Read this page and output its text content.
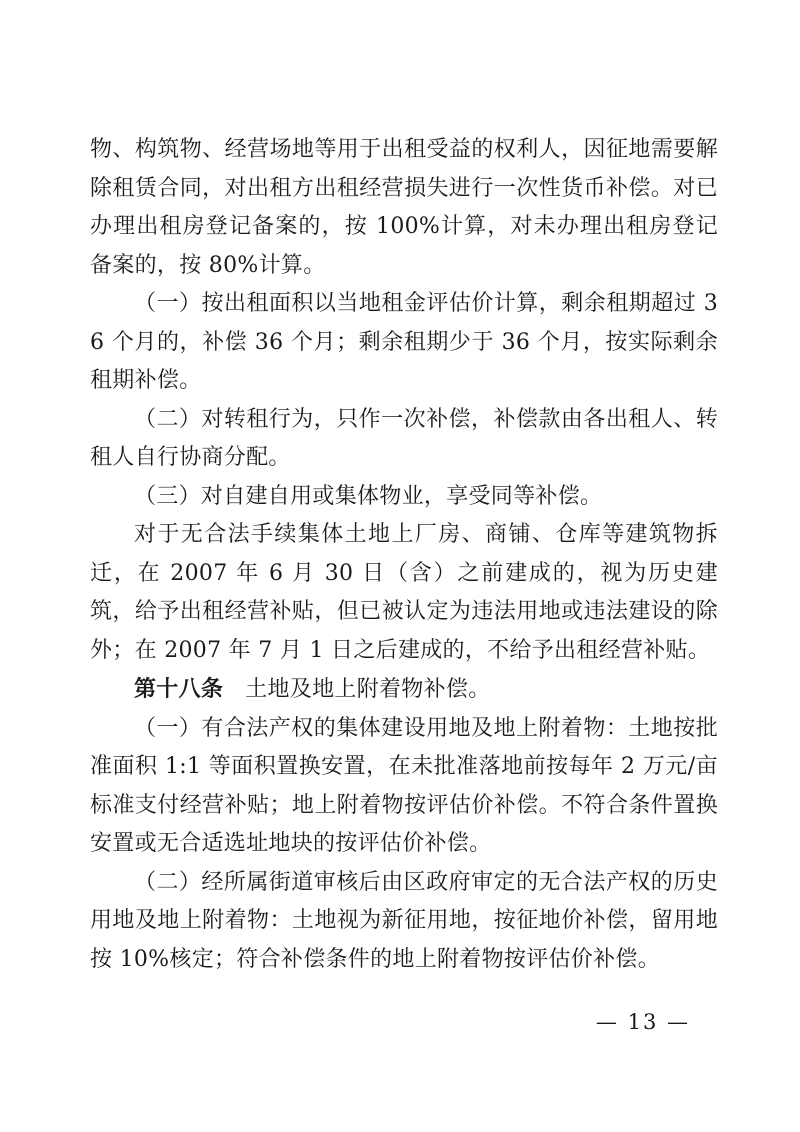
物、构筑物、经营场地等用于出租受益的权利人，因征地需要解除租赁合同，对出租方出租经营损失进行一次性货币补偿。对已办理出租房登记备案的，按 100%计算，对未办理出租房登记备案的，按 80%计算。

（一）按出租面积以当地租金评估价计算，剩余租期超过 36 个月的，补偿 36 个月；剩余租期少于 36 个月，按实际剩余租期补偿。

（二）对转租行为，只作一次补偿，补偿款由各出租人、转租人自行协商分配。

（三）对自建自用或集体物业，享受同等补偿。

对于无合法手续集体土地上厂房、商铺、仓库等建筑物拆迁，在 2007 年 6 月 30 日（含）之前建成的，视为历史建筑，给予出租经营补贴，但已被认定为违法用地或违法建设的除外；在 2007 年 7 月 1 日之后建成的，不给予出租经营补贴。

第十八条 土地及地上附着物补偿。

（一）有合法产权的集体建设用地及地上附着物：土地按批准面积 1:1 等面积置换安置，在未批准落地前按每年 2 万元/亩标准支付经营补贴；地上附着物按评估价补偿。不符合条件置换安置或无合适选址地块的按评估价补偿。

（二）经所属街道审核后由区政府审定的无合法产权的历史用地及地上附着物：土地视为新征用地，按征地价补偿，留用地按 10%核定；符合补偿条件的地上附着物按评估价补偿。

— 13 —
